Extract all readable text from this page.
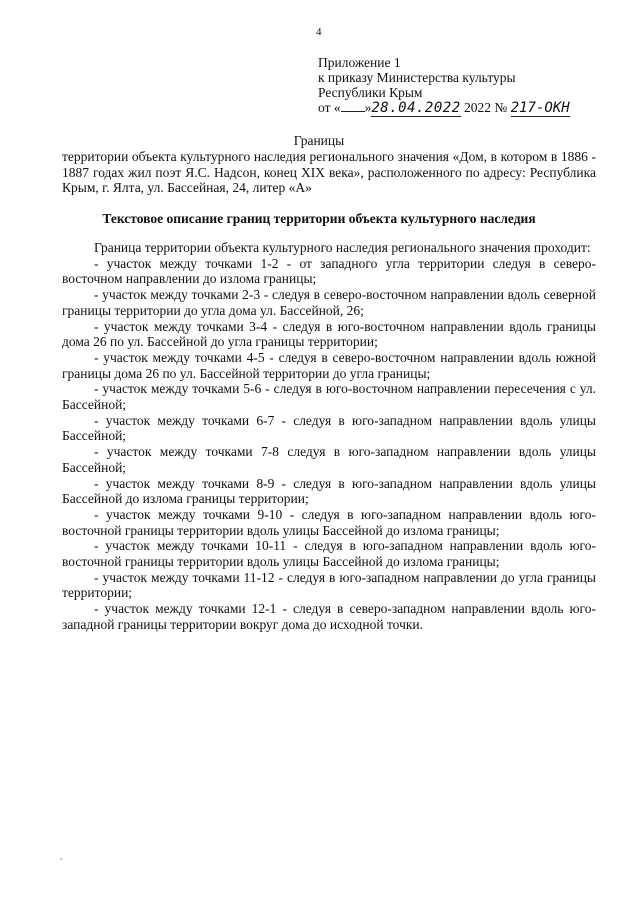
4
Приложение 1
к приказу Министерства культуры
Республики Крым
от « »28.04.2022 2022 № 217-ОКН
Границы
территории объекта культурного наследия регионального значения «Дом, в котором в 1886 - 1887 годах жил поэт Я.С. Надсон, конец XIX века», расположенного по адресу: Республика Крым, г. Ялта, ул. Бассейная, 24, литер «А»
Текстовое описание границ территории объекта культурного наследия

Граница территории объекта культурного наследия регионального значения проходит:

- участок между точками 1-2 - от западного угла территории следуя в северо-восточном направлении до излома границы;

- участок между точками 2-3 - следуя в северо-восточном направлении вдоль северной границы территории до угла дома ул. Бассейной, 26;

- участок между точками 3-4 - следуя в юго-восточном направлении вдоль границы дома 26 по ул. Бассейной до угла границы территории;

- участок между точками 4-5 - следуя в северо-восточном направлении вдоль южной границы дома 26 по ул. Бассейной территории до угла границы;

- участок между точками 5-6 - следуя в юго-восточном направлении пересечения с ул. Бассейной;

- участок между точками 6-7 - следуя в юго-западном направлении вдоль улицы Бассейной;

- участок между точками 7-8 следуя в юго-западном направлении вдоль улицы Бассейной;

- участок между точками 8-9 - следуя в юго-западном направлении вдоль улицы Бассейной до излома границы территории;

- участок между точками 9-10 - следуя в юго-западном направлении вдоль юго-восточной границы территории вдоль улицы Бассейной до излома границы;

- участок между точками 10-11 - следуя в юго-западном направлении вдоль юго-восточной границы территории вдоль улицы Бассейной до излома границы;

- участок между точками 11-12 - следуя в юго-западном направлении до угла границы территории;

- участок между точками 12-1 - следуя в северо-западном направлении вдоль юго-западной границы территории вокруг дома до исходной точки.
